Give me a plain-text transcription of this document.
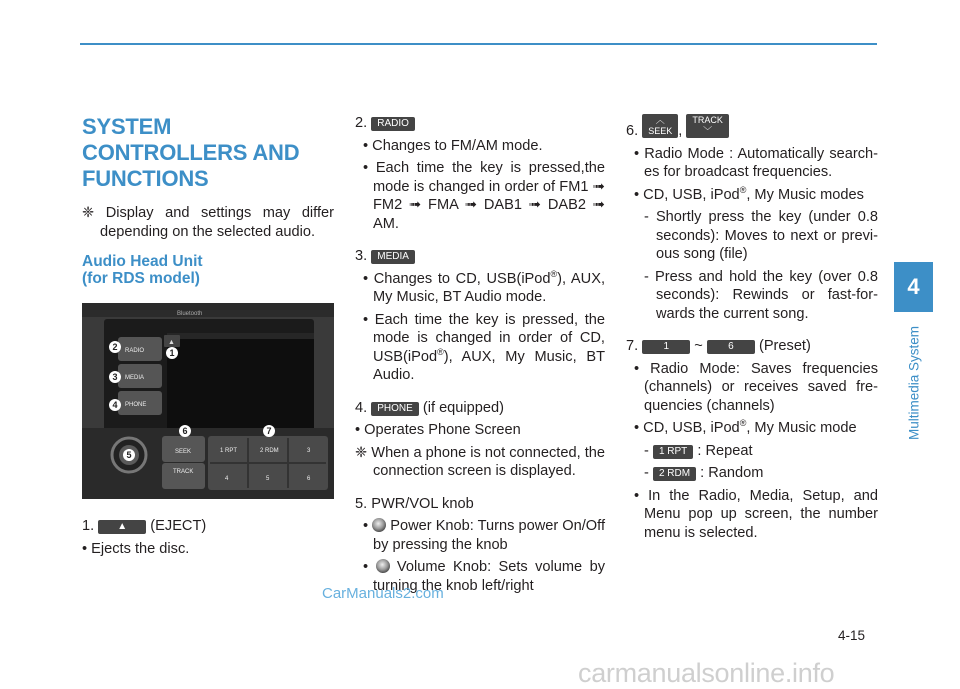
4
Multimedia System
SYSTEM CONTROLLERS AND FUNCTIONS

❈ Display and settings may differ depending on the selected audio.

Audio Head Unit
(for RDS model)
Bluetooth
▲
RADIO
MEDIA
PHONE
SEEK
TRACK
1 RPT	2 RDM	3
4	5	6
1
2
3
4
5
6	7

1. ▲ (EJECT)

• Ejects the disc.

2. RADIO

• Changes to FM/AM mode.

• Each time the key is pressed,the mode is changed in order of FM1 ➟ FM2 ➟ FMA ➟ DAB1 ➟ DAB2 ➟ AM.

3. MEDIA

• Changes to CD, USB(iPod®), AUX, My Music, BT Audio mode.

• Each time the key is pressed, the mode is changed in order of CD, USB(iPod®), AUX, My Music, BT Audio.

4. PHONE (if equipped)

• Operates Phone Screen

❈ When a phone is not connected, the connection screen is displayed.

5. PWR/VOL knob

•  Power Knob: Turns power On/Off by pressing the knob

•  Volume Knob: Sets volume by turning the knob left/right

6. ︿
SEEK , TRACK
﹀

• Radio Mode : Automatically search-es for broadcast frequencies.

• CD, USB, iPod®, My Music modes

- Shortly press the key (under 0.8 seconds): Moves to next or previ-ous song (file)

- Press and hold the key (over 0.8 seconds): Rewinds or fast-for-wards the current song.

7.	1 ~	6 (Preset)

• Radio Mode: Saves frequencies (channels) or receives saved fre-quencies (channels)

• CD, USB, iPod®, My Music mode

- 1 RPT : Repeat

- 2 RDM : Random

• In the Radio, Media, Setup, and Menu pop up screen, the number menu is selected.

4-15
CarManuals2.com
carmanualsonline.info
